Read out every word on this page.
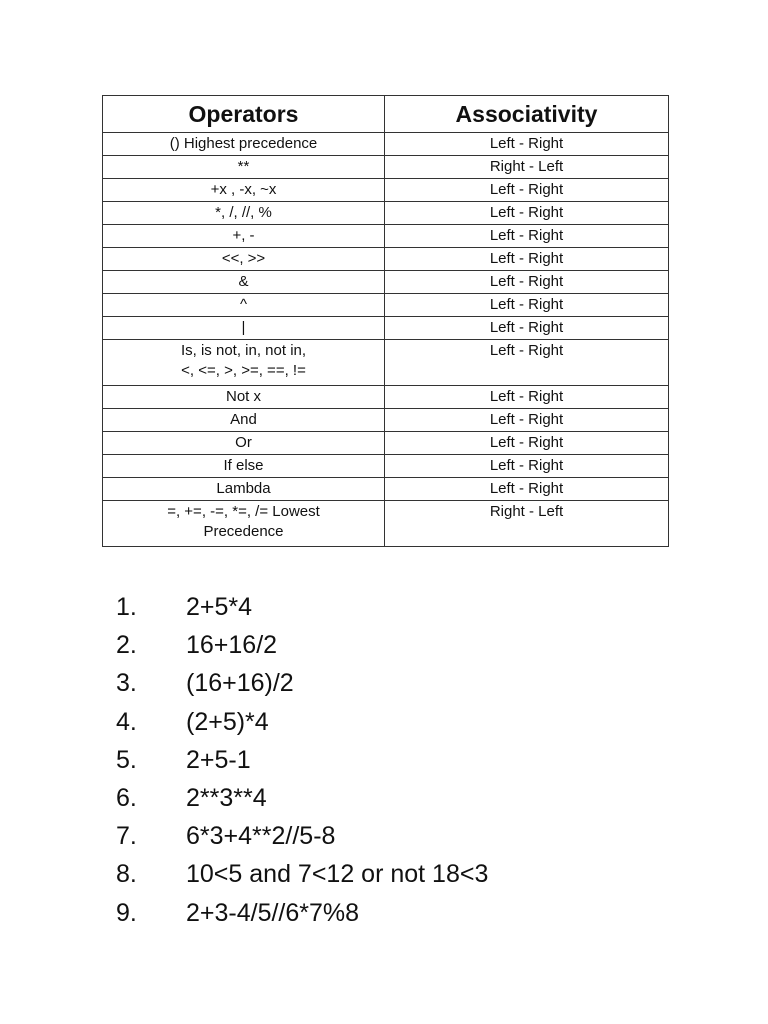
Operators	Associativity

() Highest precedence	Left - Right

**	Right - Left

+x , -x, ~x	Left - Right

*, /, //, %	Left - Right

+, -	Left - Right

<<, >>	Left - Right

&	Left - Right

^	Left - Right

|	Left - Right

Is, is not, in, not in,
<, <=, >, >=, ==, !=	Left - Right

Not x	Left - Right

And	Left - Right

Or	Left - Right

If else	Left - Right

Lambda	Left - Right

=, +=, -=, *=, /= Lowest
Precedence	Right - Left
1. 2+5*4
2. 16+16/2
3. (16+16)/2
4. (2+5)*4
5. 2+5-1
6. 2**3**4
7. 6*3+4**2//5-8
8. 10<5 and 7<12 or not 18<3
9. 2+3-4/5//6*7%8
